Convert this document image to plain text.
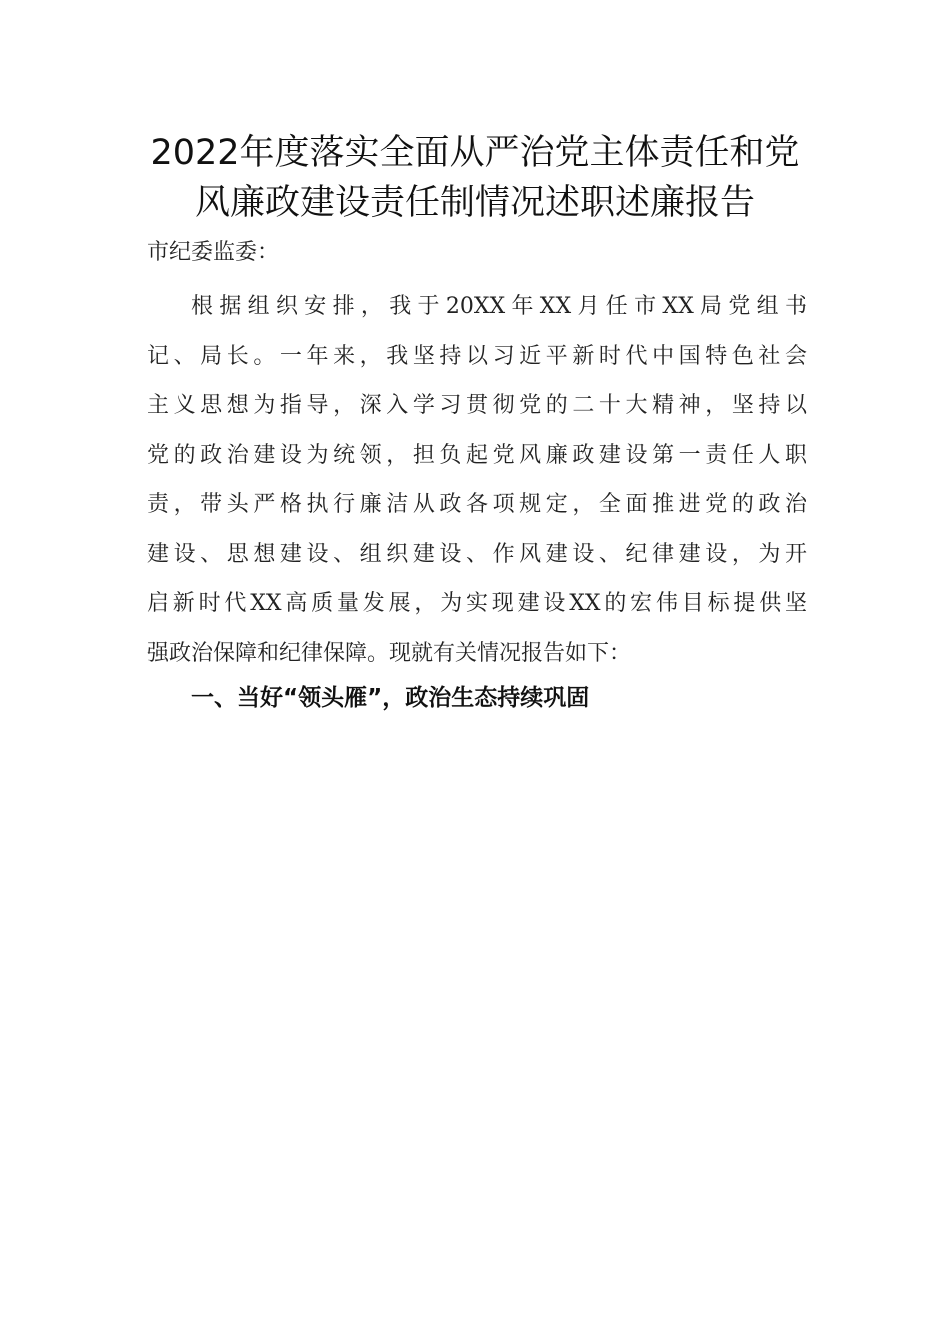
2022年度落实全面从严治党主体责任和党
风廉政建设责任制情况述职述廉报告
市纪委监委：
根据组织安排，我于20XX年XX月任市XX局党组书
记、局长。一年来，我坚持以习近平新时代中国特色社会
主义思想为指导，深入学习贯彻党的二十大精神，坚持以
党的政治建设为统领，担负起党风廉政建设第一责任人职
责，带头严格执行廉洁从政各项规定，全面推进党的政治
建设、思想建设、组织建设、作风建设、纪律建设，为开
启新时代XX高质量发展，为实现建设XX的宏伟目标提供坚
强政治保障和纪律保障。现就有关情况报告如下：
一、当好“领头雁”，政治生态持续巩固
